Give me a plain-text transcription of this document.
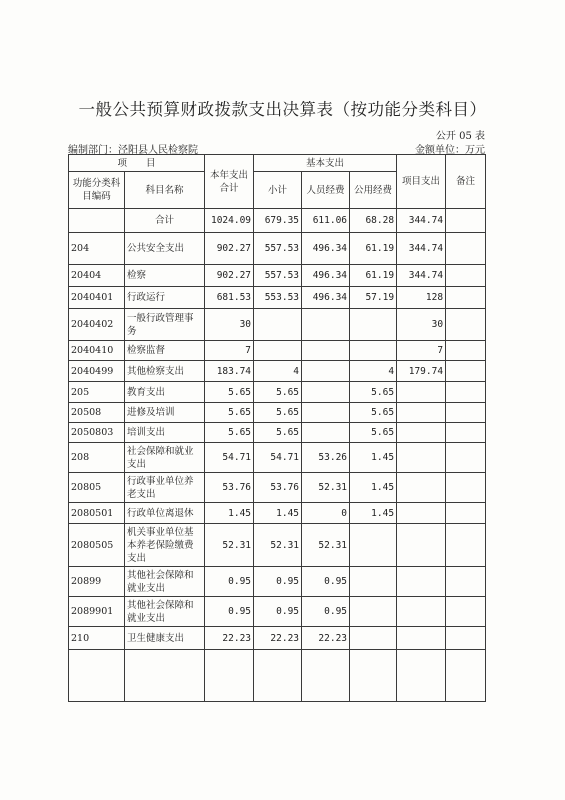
一般公共预算财政拨款支出决算表（按功能分类科目）
公开 05 表
编制部门：泾阳县人民检察院	金额单位：万元
项　　目		本年支出合计	基本支出			项目支出	备注
功能分类科目编码	科目名称		小计	人员经费	公用经费		
	合计	1024.09	679.35	611.06	68.28	344.74	
204	公共安全支出	902.27	557.53	496.34	61.19	344.74	
20404	检察	902.27	557.53	496.34	61.19	344.74	
2040401	行政运行	681.53	553.53	496.34	57.19	128	
2040402	一般行政管理事务	30				30	
2040410	检察监督	7				7	
2040499	其他检察支出	183.74	4		4	179.74	
205	教育支出	5.65	5.65		5.65		
20508	进修及培训	5.65	5.65		5.65		
2050803	培训支出	5.65	5.65		5.65		
208	社会保障和就业支出	54.71	54.71	53.26	1.45		
20805	行政事业单位养老支出	53.76	53.76	52.31	1.45		
2080501	行政单位离退休	1.45	1.45	0	1.45		
2080505	机关事业单位基本养老保险缴费支出	52.31	52.31	52.31			
20899	其他社会保障和就业支出	0.95	0.95	0.95			
2089901	其他社会保障和就业支出	0.95	0.95	0.95			
210	卫生健康支出	22.23	22.23	22.23			
